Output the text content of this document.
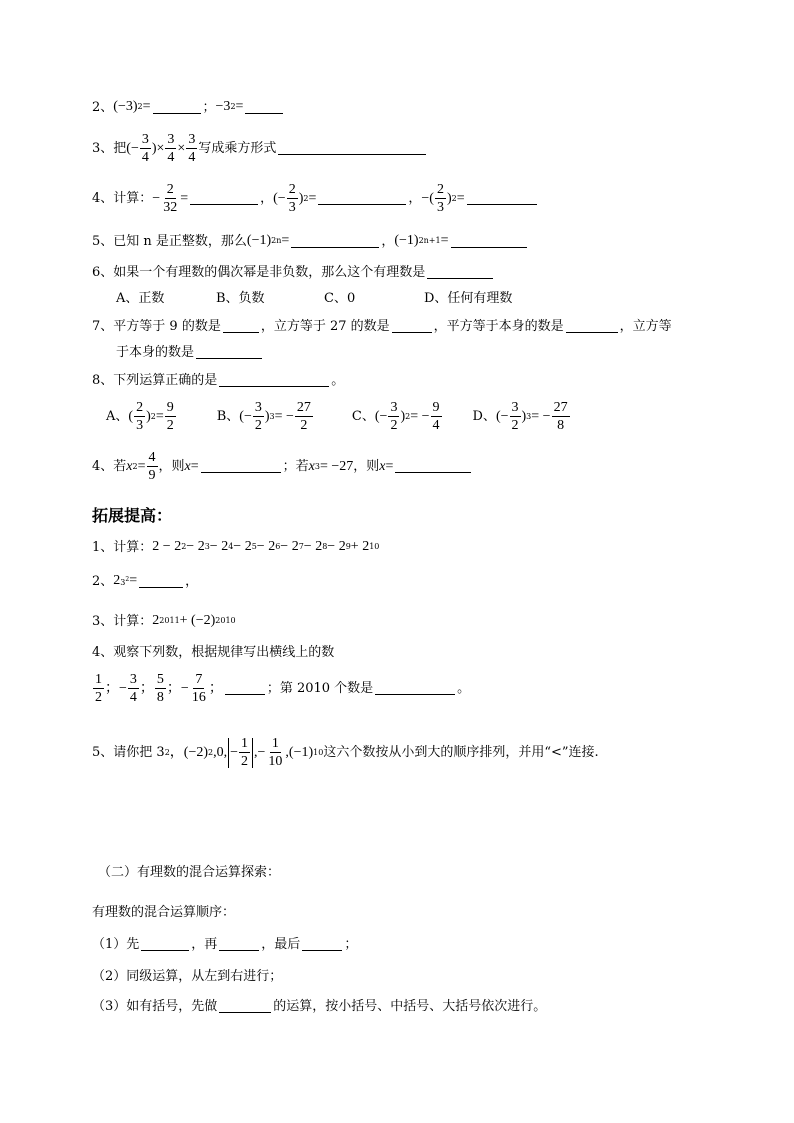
2、 (−3) 2 =	； −3 2 =
3、 把 (− $\frac{3}{4}$ )× $\frac{3}{4} \times \frac{3}{4}$ 写成乘方形式
4、 计算： − $\frac{2}{32}$ =	， (− $\frac{2}{3}$ ) 2 =	， −( $\frac{2}{3}$ ) 2 =
5、 已知 n 是正整数，那么 (−1) 2n =	， (−1) 2n+1 =
6、 如果一个有理数的偶次幂是非负数，那么这个有理数是
A、正数	B、负数	C、0	D、任何有理数
7、 平方等于 9 的数是	，立方等于 27 的数是	，平方等于本身的数是	，立方等
于本身的数是
8、 下列运算正确的是	。
A、 ( $\frac{2}{3}$ ) $2 = \frac{9}{2}$	B、 (− $\frac{3}{2}$ ) 3 = − $\frac{27}{2}$	C、 (− $\frac{3}{2}$ ) 2 = − $\frac{9}{4}$ D、 (− $\frac{3}{2}$ ) 3 = − $\frac{27}{8}$
4、 若 x $2 = \frac{4}{9}$ ，则 x =	；若 x 3 = −27 ，则 x =
拓展提高：
1、 计算： 2 − 2 2 − 2 3 − 2 4 − 2 5 − 2 6 − 2 7 − 2 8 − 2 9 + 2 10
2、 2 $3^2$ =	，
3、 计算： 2 2011 + (−2) 2010
4、 观察下列数，根据规律写出横线上的数
$\frac{1}{2}$ ；− $\frac{3}{4}$ ； $\frac{5}{8}$ ；− $\frac{7}{16}$ ；	；第 2010 个数是	。
5、 请你把 3 2 ，(−2) 2 ,0, − $\frac{1}{2}$ ,− $\frac{1}{10} ,(-1)$ 10 这六个数按从小到大的顺序排列，并用“<”连接.
（二）有理数的混合运算探索：
有理数的混合运算顺序：
（1）先	，再	，最后	；
（2）同级运算，从左到右进行；
（3）如有括号，先做	的运算，按小括号、中括号、大括号依次进行。
